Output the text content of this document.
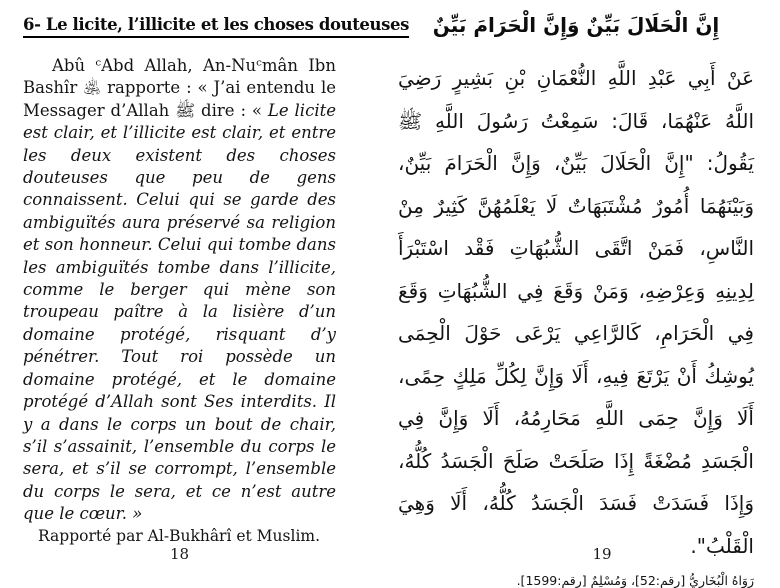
6- Le licite, l’illicite et les choses douteuses

Abû ᶜAbd Allah, An-Nuᶜmân Ibn Bashîr ﵁ rapporte : « J’ai entendu le Messager d’Allah ﷺ dire : « Le licite est clair, et l’illicite est clair, et entre les deux existent des choses douteuses que peu de gens connaissent. Celui qui se garde des ambiguïtés aura préservé sa religion et son honneur. Celui qui tombe dans les ambiguïtés tombe dans l’illicite, comme le berger qui mène son troupeau paître à la lisière d’un domaine protégé, risquant d’y pénétrer. Tout roi possède un domaine protégé, et le domaine protégé d’Allah sont Ses interdits. Il y a dans le corps un bout de chair, s’il s’assainit, l’ensemble du corps le sera, et s’il se corrompt, l’ensemble du corps le sera, et ce n’est autre que le cœur. »

Rapporté par Al-Bukhârî et Muslim.
18
إِنَّ الْحَلَالَ بَيِّنٌ وَإِنَّ الْحَرَامَ بَيِّنٌ

عَنْ أَبِي عَبْدِ اللَّهِ النُّعْمَانِ بْنِ بَشِيرٍ رَضِيَ اللَّهُ عَنْهُمَا، قَالَ: سَمِعْتُ رَسُولَ اللَّهِ ﷺ يَقُولُ: "إِنَّ الْحَلَالَ بَيِّنٌ، وَإِنَّ الْحَرَامَ بَيِّنٌ، وَبَيْنَهُمَا أُمُورٌ مُشْتَبَهَاتٌ لَا يَعْلَمُهُنَّ كَثِيرٌ مِنْ النَّاسِ، فَمَنْ اتَّقَى الشُّبُهَاتِ فَقْد اسْتَبْرَأَ لِدِينِهِ وَعِرْضِهِ، وَمَنْ وَقَعَ فِي الشُّبُهَاتِ وَقَعَ فِي الْحَرَامِ، كَالرَّاعِي يَرْعَى حَوْلَ الْحِمَى يُوشِكُ أَنْ يَرْتَعَ فِيهِ، أَلَا وَإِنَّ لِكُلِّ مَلِكٍ حِمًى، أَلَا وَإِنَّ حِمَى اللَّهِ مَحَارِمُهُ، أَلَا وَإِنَّ فِي الْجَسَدِ مُضْغَةً إِذَا صَلَحَتْ صَلَحَ الْجَسَدُ كُلُّهُ، وَإِذَا فَسَدَتْ فَسَدَ الْجَسَدُ كُلُّهُ، أَلَا وَهِيَ الْقَلْبُ".

رَوَاهُ الْبُخَارِيُّ [رقم:52]، وَمُسْلِمٌ [رقم:1599].
19
